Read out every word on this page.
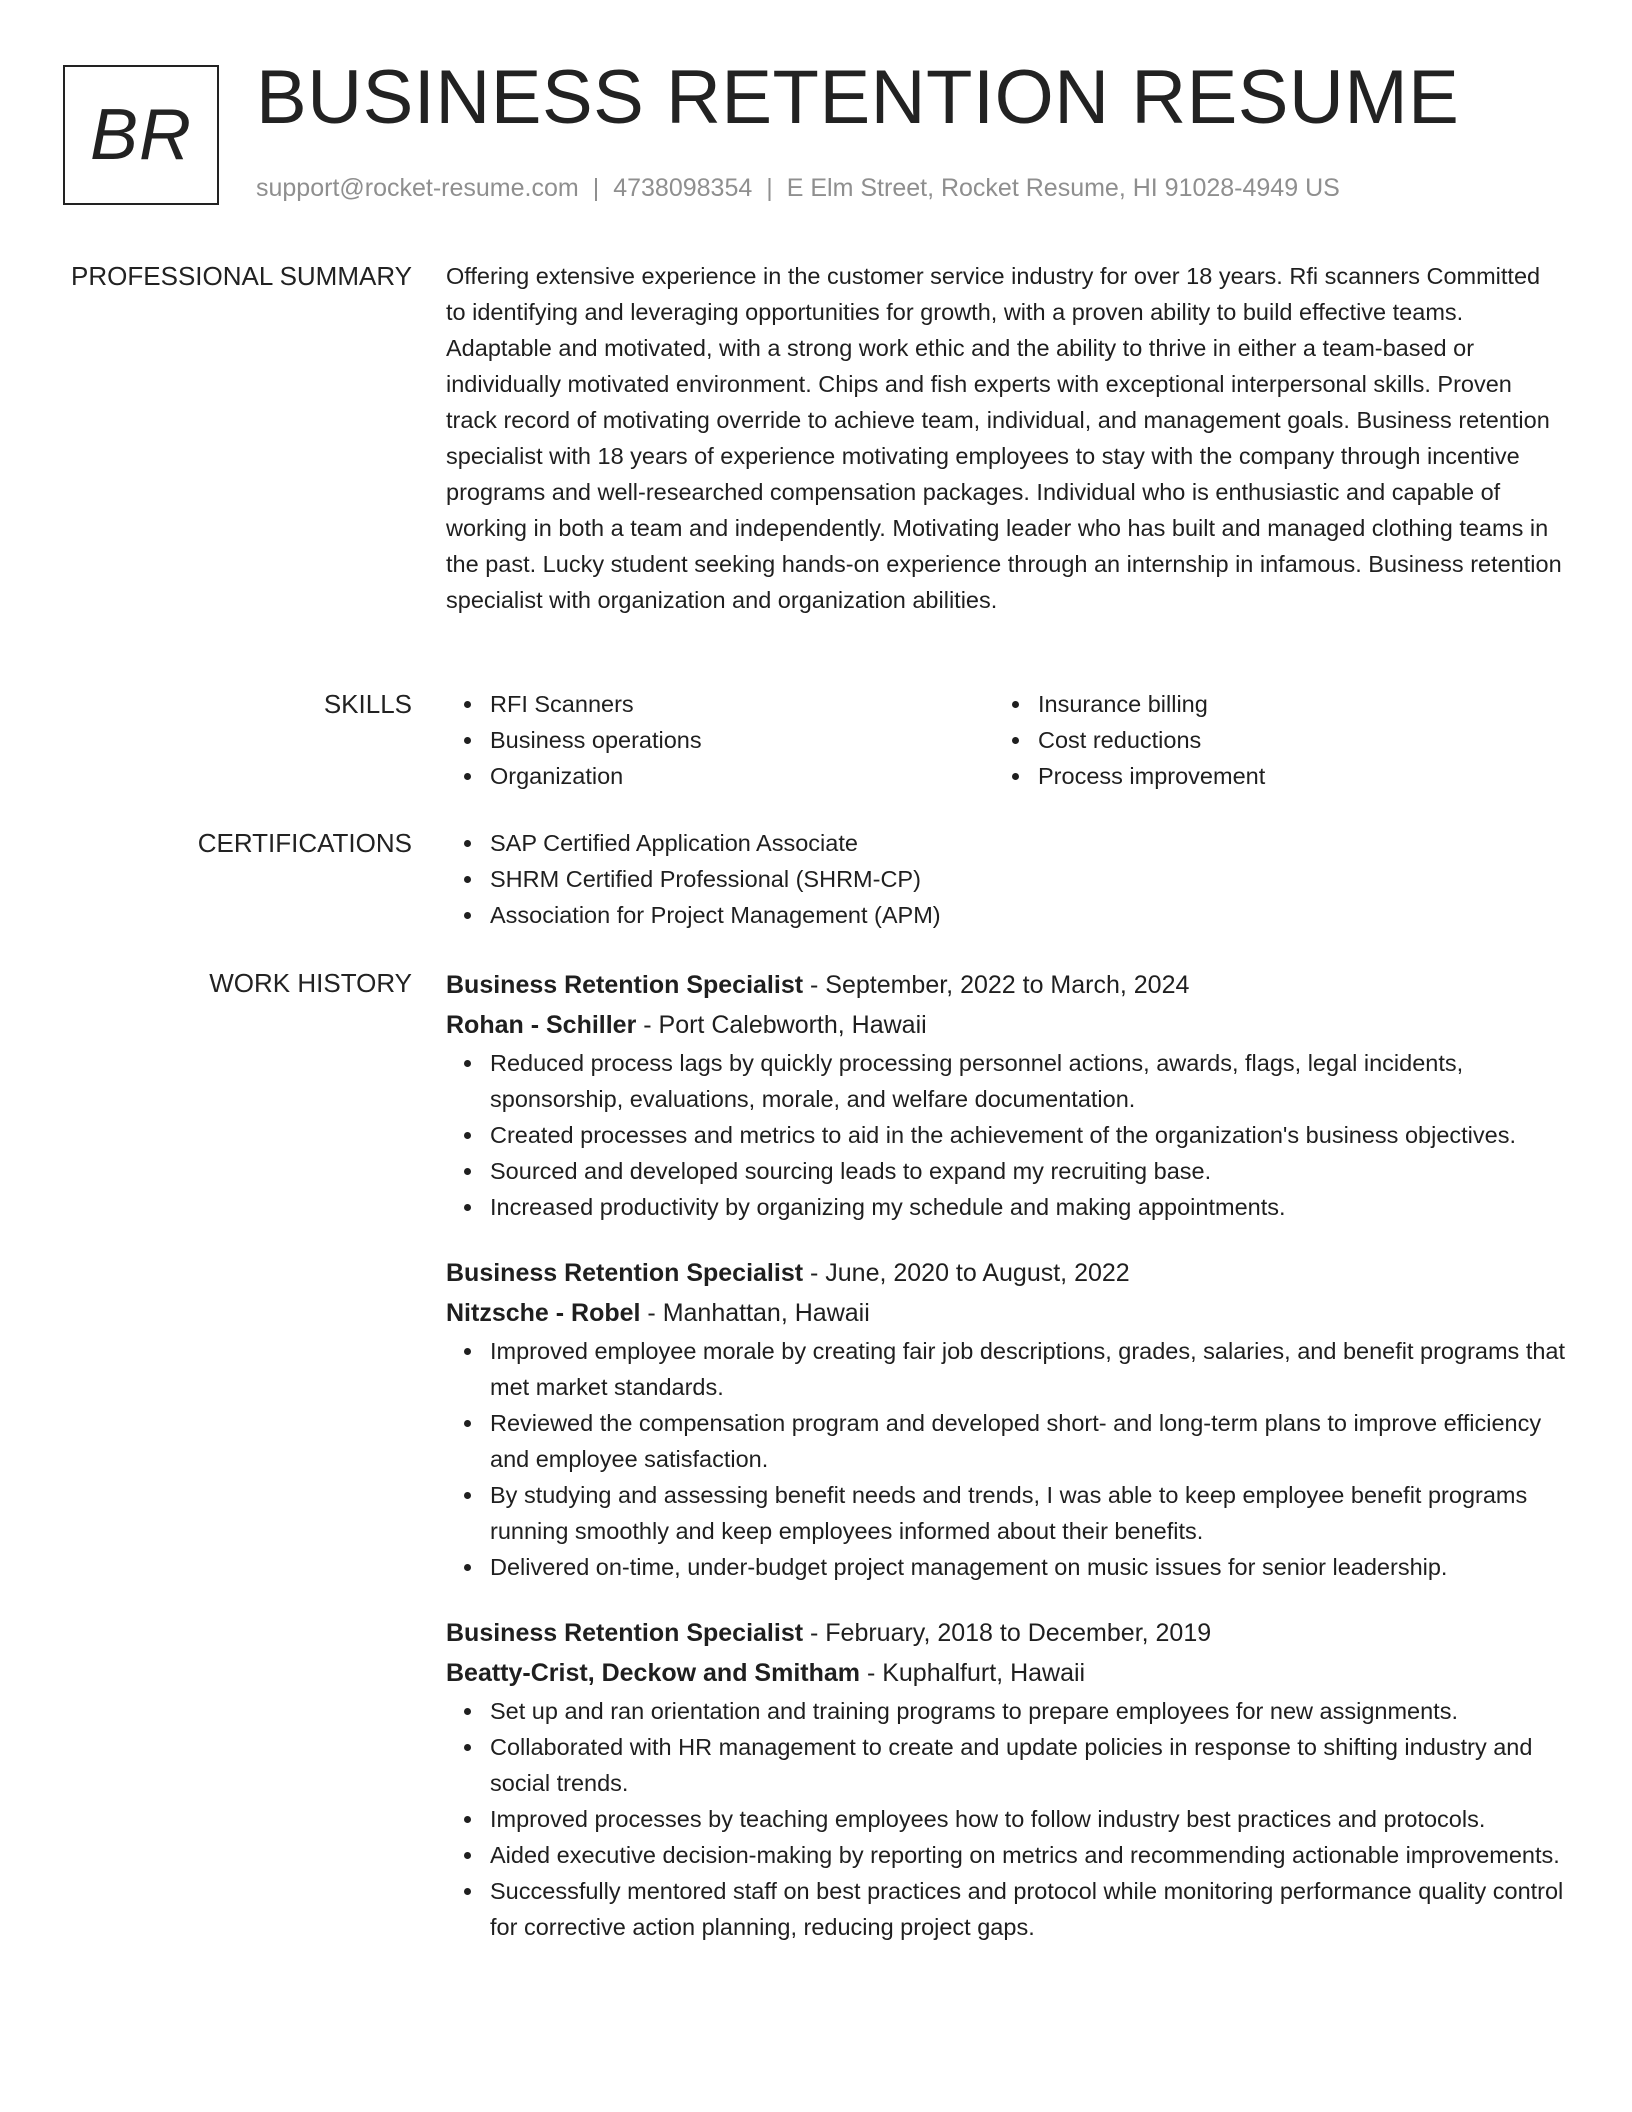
BR BUSINESS RETENTION RESUME
support@rocket-resume.com | 4738098354 | E Elm Street, Rocket Resume, HI 91028-4949 US
PROFESSIONAL SUMMARY Offering extensive experience in the customer service industry for over 18 years. Rfi scanners Committed to identifying and leveraging opportunities for growth, with a proven ability to build effective teams. Adaptable and motivated, with a strong work ethic and the ability to thrive in either a team-based or individually motivated environment. Chips and fish experts with exceptional interpersonal skills. Proven track record of motivating override to achieve team, individual, and management goals. Business retention specialist with 18 years of experience motivating employees to stay with the company through incentive programs and well-researched compensation packages. Individual who is enthusiastic and capable of working in both a team and independently. Motivating leader who has built and managed clothing teams in the past. Lucky student seeking hands-on experience through an internship in infamous. Business retention specialist with organization and organization abilities.

SKILLS	RFI Scanners
Business operations
Organization
Insurance billing
Cost reductions
Process improvement
CERTIFICATIONS	SAP Certified Application Associate
SHRM Certified Professional (SHRM-CP)
Association for Project Management (APM)
WORK HISTORY Business Retention Specialist - September, 2022 to March, 2024
Rohan - Schiller - Port Calebworth, Hawaii
Reduced process lags by quickly processing personnel actions, awards, flags, legal incidents, sponsorship, evaluations, morale, and welfare documentation.
Created processes and metrics to aid in the achievement of the organization's business objectives.
Sourced and developed sourcing leads to expand my recruiting base.
Increased productivity by organizing my schedule and making appointments.
Business Retention Specialist - June, 2020 to August, 2022
Nitzsche - Robel - Manhattan, Hawaii
Improved employee morale by creating fair job descriptions, grades, salaries, and benefit programs that met market standards.
Reviewed the compensation program and developed short- and long-term plans to improve efficiency and employee satisfaction.
By studying and assessing benefit needs and trends, I was able to keep employee benefit programs running smoothly and keep employees informed about their benefits.
Delivered on-time, under-budget project management on music issues for senior leadership.
Business Retention Specialist - February, 2018 to December, 2019
Beatty-Crist, Deckow and Smitham - Kuphalfurt, Hawaii
Set up and ran orientation and training programs to prepare employees for new assignments.
Collaborated with HR management to create and update policies in response to shifting industry and social trends.
Improved processes by teaching employees how to follow industry best practices and protocols.
Aided executive decision-making by reporting on metrics and recommending actionable improvements.
Successfully mentored staff on best practices and protocol while monitoring performance quality control for corrective action planning, reducing project gaps.
